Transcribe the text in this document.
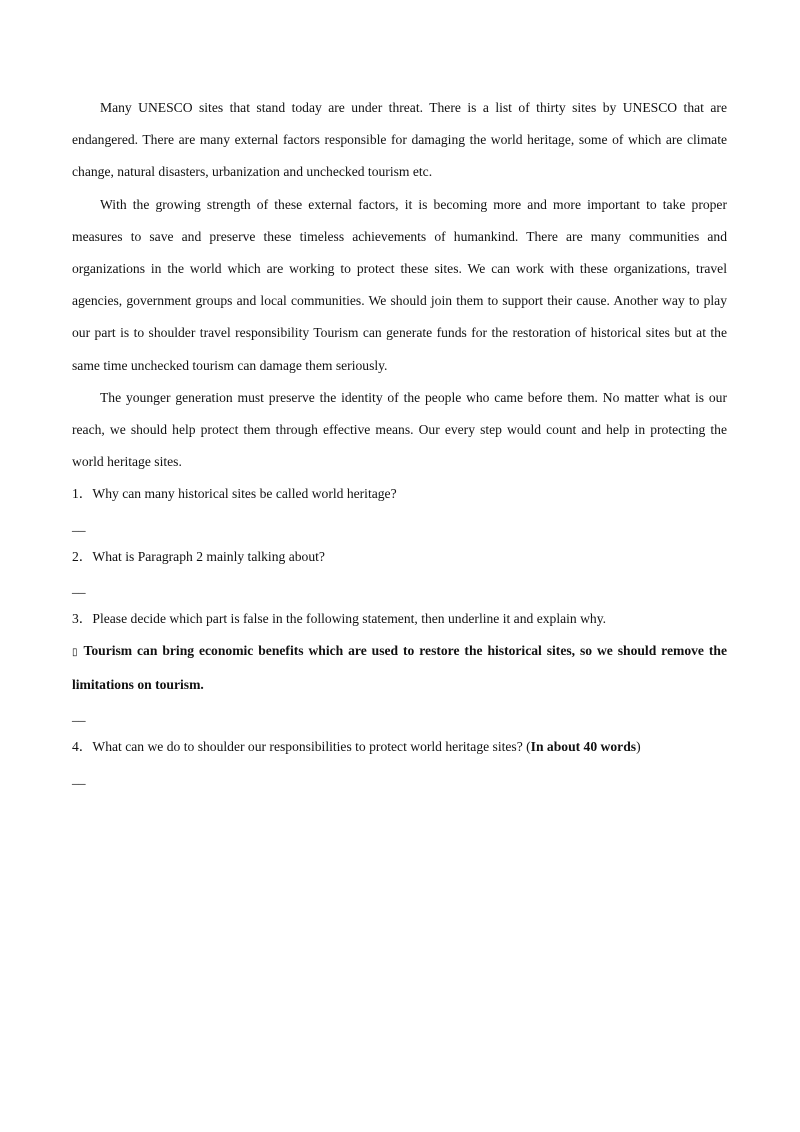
Many UNESCO sites that stand today are under threat. There is a list of thirty sites by UNESCO that are endangered. There are many external factors responsible for damaging the world heritage, some of which are climate change, natural disasters, urbanization and unchecked tourism etc.

With the growing strength of these external factors, it is becoming more and more important to take proper measures to save and preserve these timeless achievements of humankind. There are many communities and organizations in the world which are working to protect these sites. We can work with these organizations, travel agencies, government groups and local communities. We should join them to support their cause. Another way to play our part is to shoulder travel responsibility Tourism can generate funds for the restoration of historical sites but at the same time unchecked tourism can damage them seriously.

The younger generation must preserve the identity of the people who came before them. No matter what is our reach, we should help protect them through effective means. Our every step would count and help in protecting the world heritage sites.

1．Why can many historical sites be called world heritage?

__

2．What is Paragraph 2 mainly talking about?

__

3．Please decide which part is false in the following statement, then underline it and explain why.

▯ Tourism can bring economic benefits which are used to restore the historical sites, so we should remove the limitations on tourism.

__

4．What can we do to shoulder our responsibilities to protect world heritage sites? (In about 40 words)

__
